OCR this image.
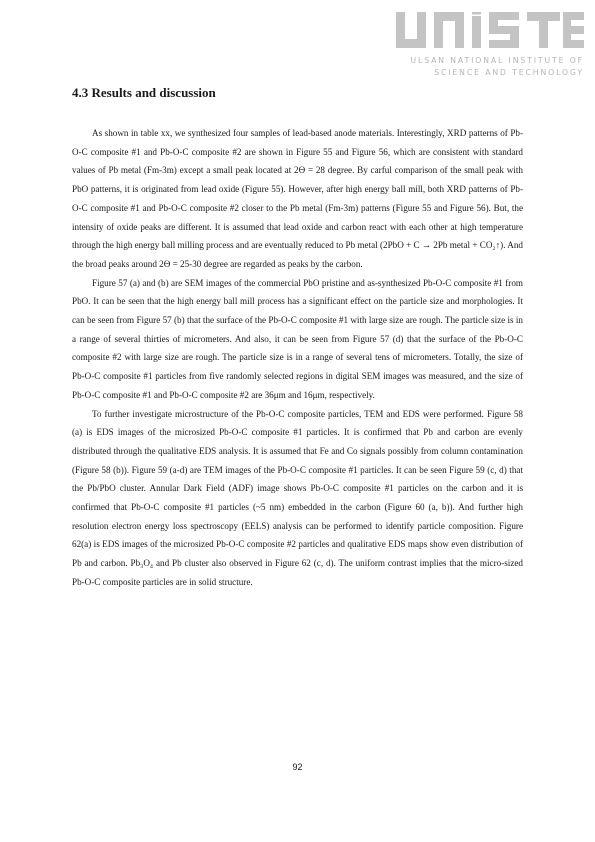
ULSAN NATIONAL INSTITUTE OF
SCIENCE AND TECHNOLOGY
4.3 Results and discussion

As shown in table xx, we synthesized four samples of lead-based anode materials. Interestingly, XRD patterns of Pb-O-C composite #1 and Pb-O-C composite #2 are shown in Figure 55 and Figure 56, which are consistent with standard values of Pb metal (Fm-3m) except a small peak located at 2Ѳ = 28 degree. By carful comparison of the small peak with PbO patterns, it is originated from lead oxide (Figure 55). However, after high energy ball mill, both XRD patterns of Pb-O-C composite #1 and Pb-O-C composite #2 closer to the Pb metal (Fm-3m) patterns (Figure 55 and Figure 56). But, the intensity of oxide peaks are different. It is assumed that lead oxide and carbon react with each other at high temperature through the high energy ball milling process and are eventually reduced to Pb metal (2PbO + C → 2Pb metal + CO₂↑). And the broad peaks around 2Ѳ = 25-30 degree are regarded as peaks by the carbon.

Figure 57 (a) and (b) are SEM images of the commercial PbO pristine and as-synthesized Pb-O-C composite #1 from PbO. It can be seen that the high energy ball mill process has a significant effect on the particle size and morphologies. It can be seen from Figure 57 (b) that the surface of the Pb-O-C composite #1 with large size are rough. The particle size is in a range of several thirties of micrometers. And also, it can be seen from Figure 57 (d) that the surface of the Pb-O-C composite #2 with large size are rough. The particle size is in a range of several tens of micrometers. Totally, the size of Pb-O-C composite #1 particles from five randomly selected regions in digital SEM images was measured, and the size of Pb-O-C composite #1 and Pb-O-C composite #2 are 36μm and 16μm, respectively.

To further investigate microstructure of the Pb-O-C composite particles, TEM and EDS were performed. Figure 58 (a) is EDS images of the microsized Pb-O-C composite #1 particles. It is confirmed that Pb and carbon are evenly distributed through the qualitative EDS analysis. It is assumed that Fe and Co signals possibly from column contamination (Figure 58 (b)). Figure 59 (a-d) are TEM images of the Pb-O-C composite #1 particles. It can be seen Figure 59 (c, d) that the Pb/PbO cluster. Annular Dark Field (ADF) image shows Pb-O-C composite #1 particles on the carbon and it is confirmed that Pb-O-C composite #1 particles (~5 nm) embedded in the carbon (Figure 60 (a, b)). And further high resolution electron energy loss spectroscopy (EELS) analysis can be performed to identify particle composition. Figure 62(a) is EDS images of the microsized Pb-O-C composite #2 particles and qualitative EDS maps show even distribution of Pb and carbon. Pb₃O₄ and Pb cluster also observed in Figure 62 (c, d). The uniform contrast implies that the micro-sized Pb-O-C composite particles are in solid structure.

92
